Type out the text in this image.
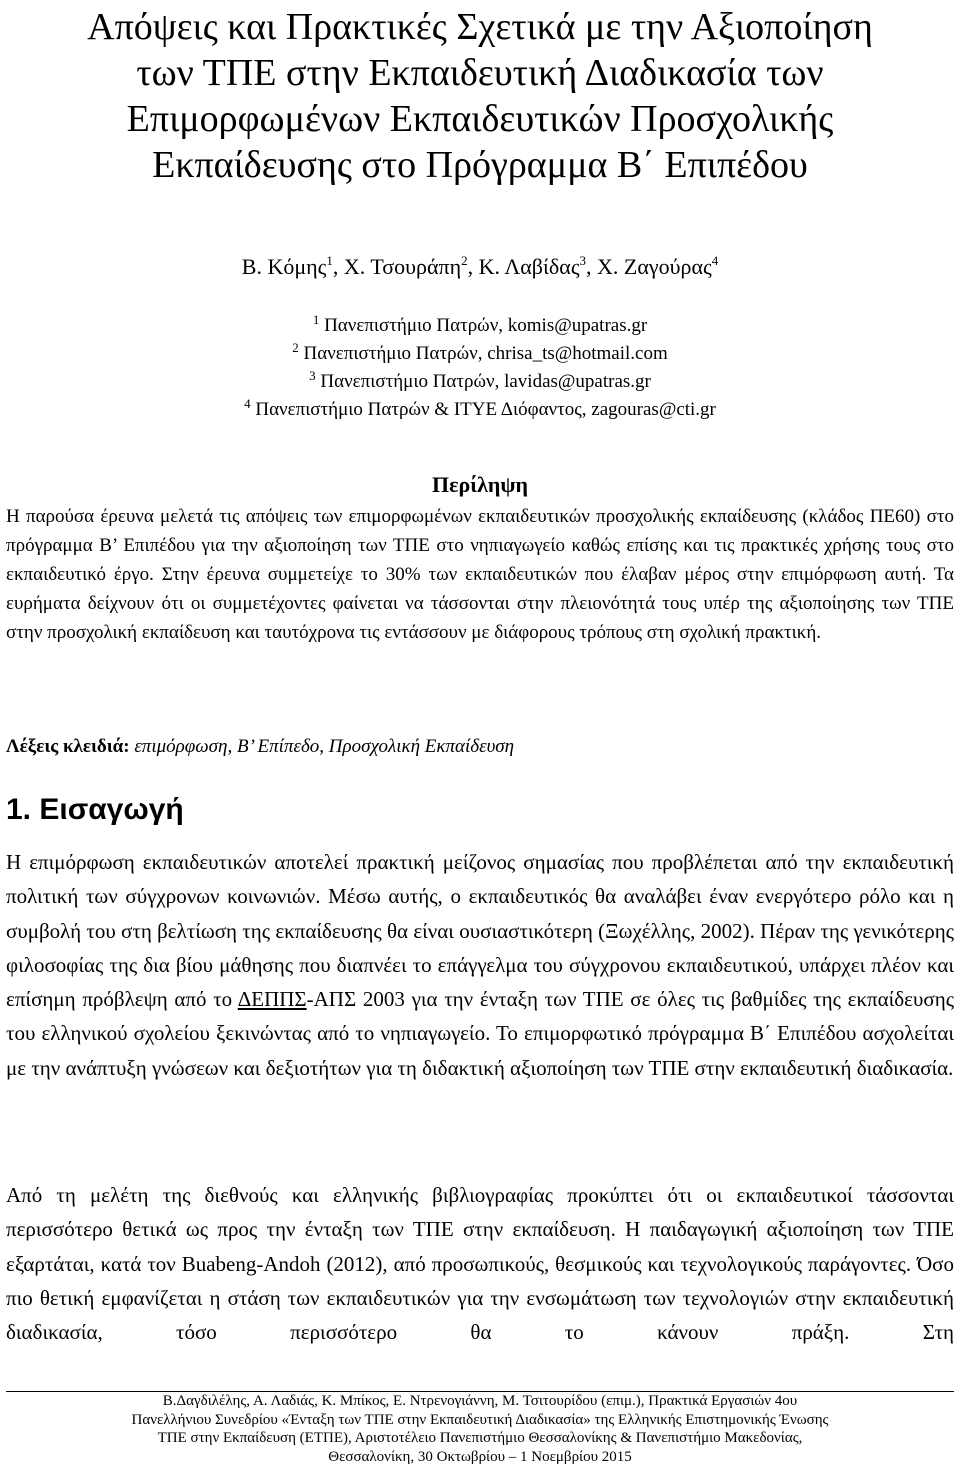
Απόψεις και Πρακτικές Σχετικά με την Αξιοποίηση
των ΤΠΕ στην Εκπαιδευτική Διαδικασία των
Επιμορφωμένων Εκπαιδευτικών Προσχολικής
Εκπαίδευσης στο Πρόγραμμα Β΄ Επιπέδου
Β. Κόμης$^1$, Χ. Τσουράπη$^2$, Κ. Λαβίδας$^3$, Χ. Ζαγούρας$^4$
$^1$ Πανεπιστήμιο Πατρών, komis@upatras.gr
$^2$ Πανεπιστήμιο Πατρών, chrisa_ts@hotmail.com
$^3$ Πανεπιστήμιο Πατρών, lavidas@upatras.gr
$^4$ Πανεπιστήμιο Πατρών & ΙΤΥΕ Διόφαντος, zagouras@cti.gr
Περίληψη
Η παρούσα έρευνα μελετά τις απόψεις των επιμορφωμένων εκπαιδευτικών προσχολικής εκπαίδευσης (κλάδος ΠΕ60) στο πρόγραμμα Β’ Επιπέδου για την αξιοποίηση των ΤΠΕ στο νηπιαγωγείο καθώς επίσης και τις πρακτικές χρήσης τους στο εκπαιδευτικό έργο. Στην έρευνα συμμετείχε το 30% των εκπαιδευτικών που έλαβαν μέρος στην επιμόρφωση αυτή. Τα ευρήματα δείχνουν ότι οι συμμετέχοντες φαίνεται να τάσσονται στην πλειονότητά τους υπέρ της αξιοποίησης των ΤΠΕ στην προσχολική εκπαίδευση και ταυτόχρονα τις εντάσσουν με διάφορους τρόπους στη σχολική πρακτική.
Λέξεις κλειδιά: επιμόρφωση, Β’ Επίπεδο, Προσχολική Εκπαίδευση
1. Εισαγωγή
Η επιμόρφωση εκπαιδευτικών αποτελεί πρακτική μείζονος σημασίας που προβλέπεται από την εκπαιδευτική πολιτική των σύγχρονων κοινωνιών. Μέσω αυτής, ο εκπαιδευτικός θα αναλάβει έναν ενεργότερο ρόλο και η συμβολή του στη βελτίωση της εκπαίδευσης θα είναι ουσιαστικότερη (Ξωχέλλης, 2002). Πέραν της γενικότερης φιλοσοφίας της δια βίου μάθησης που διαπνέει το επάγγελμα του σύγχρονου εκπαιδευτικού, υπάρχει πλέον και επίσημη πρόβλεψη από το ΔΕΠΠΣ-ΑΠΣ 2003 για την ένταξη των ΤΠΕ σε όλες τις βαθμίδες της εκπαίδευσης του ελληνικού σχολείου ξεκινώντας από το νηπιαγωγείο. Το επιμορφωτικό πρόγραμμα Β΄ Επιπέδου ασχολείται με την ανάπτυξη γνώσεων και δεξιοτήτων για τη διδακτική αξιοποίηση των ΤΠΕ στην εκπαιδευτική διαδικασία.
Από τη μελέτη της διεθνούς και ελληνικής βιβλιογραφίας προκύπτει ότι οι εκπαιδευτικοί τάσσονται περισσότερο θετικά ως προς την ένταξη των ΤΠΕ στην εκπαίδευση. Η παιδαγωγική αξιοποίηση των ΤΠΕ εξαρτάται, κατά τον Buabeng-Andoh (2012), από προσωπικούς, θεσμικούς και τεχνολογικούς παράγοντες. Όσο πιο θετική εμφανίζεται η στάση των εκπαιδευτικών για την ενσωμάτωση των τεχνολογιών στην εκπαιδευτική διαδικασία, τόσο περισσότερο θα το κάνουν πράξη. Στη
Β.Δαγδιλέλης, Α. Λαδιάς, Κ. Μπίκος, Ε. Ντρενογιάννη, Μ. Τσιτουρίδου (επιμ.), Πρακτικά Εργασιών 4ου
Πανελλήνιου Συνεδρίου «Ένταξη των ΤΠΕ στην Εκπαιδευτική Διαδικασία» της Ελληνικής Επιστημονικής Ένωσης
ΤΠΕ στην Εκπαίδευση (ΕΤΠΕ), Αριστοτέλειο Πανεπιστήμιο Θεσσαλονίκης & Πανεπιστήμιο Μακεδονίας,
Θεσσαλονίκη, 30 Οκτωβρίου – 1 Νοεμβρίου 2015
